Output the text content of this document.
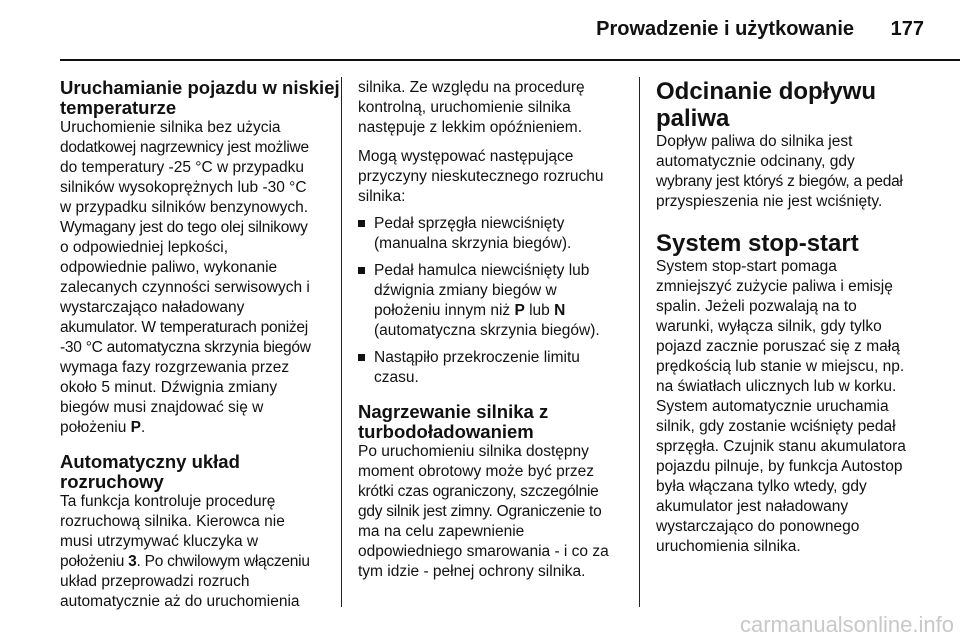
Prowadzenie i użytkowanie 177
Uruchamianie pojazdu w niskiej
temperaturze

Uruchomienie silnika bez użycia
dodatkowej nagrzewnicy jest możliwe
do temperatury -25 °C w przypadku
silników wysokoprężnych lub -30 °C
w przypadku silników benzynowych.
Wymagany jest do tego olej silnikowy
o odpowiedniej lepkości,
odpowiednie paliwo, wykonanie
zalecanych czynności serwisowych i
wystarczająco naładowany
akumulator. W temperaturach poniżej
-30 °C automatyczna skrzynia biegów
wymaga fazy rozgrzewania przez
około 5 minut. Dźwignia zmiany
biegów musi znajdować się w
położeniu P.

Automatyczny układ
rozruchowy

Ta funkcja kontroluje procedurę
rozruchową silnika. Kierowca nie
musi utrzymywać kluczyka w
położeniu 3. Po chwilowym włączeniu
układ przeprowadzi rozruch
automatycznie aż do uruchomienia

silnika. Ze względu na procedurę
kontrolną, uruchomienie silnika
następuje z lekkim opóźnieniem.

Mogą występować następujące
przyczyny nieskutecznego rozruchu
silnika:

Pedał sprzęgła niewciśnięty
(manualna skrzynia biegów).
Pedał hamulca niewciśnięty lub
dźwignia zmiany biegów w
położeniu innym niż P lub N
(automatyczna skrzynia biegów).
Nastąpiło przekroczenie limitu
czasu.
Nagrzewanie silnika z
turbodoładowaniem

Po uruchomieniu silnika dostępny
moment obrotowy może być przez
krótki czas ograniczony, szczególnie
gdy silnik jest zimny. Ograniczenie to
ma na celu zapewnienie
odpowiedniego smarowania - i co za
tym idzie - pełnej ochrony silnika.

Odcinanie dopływu paliwa

Dopływ paliwa do silnika jest
automatycznie odcinany, gdy
wybrany jest któryś z biegów, a pedał
przyspieszenia nie jest wciśnięty.

System stop-start

System stop-start pomaga
zmniejszyć zużycie paliwa i emisję
spalin. Jeżeli pozwalają na to
warunki, wyłącza silnik, gdy tylko
pojazd zacznie poruszać się z małą
prędkością lub stanie w miejscu, np.
na światłach ulicznych lub w korku.
System automatycznie uruchamia
silnik, gdy zostanie wciśnięty pedał
sprzęgła. Czujnik stanu akumulatora
pojazdu pilnuje, by funkcja Autostop
była włączana tylko wtedy, gdy
akumulator jest naładowany
wystarczająco do ponownego
uruchomienia silnika.

carmanualsonline.info
